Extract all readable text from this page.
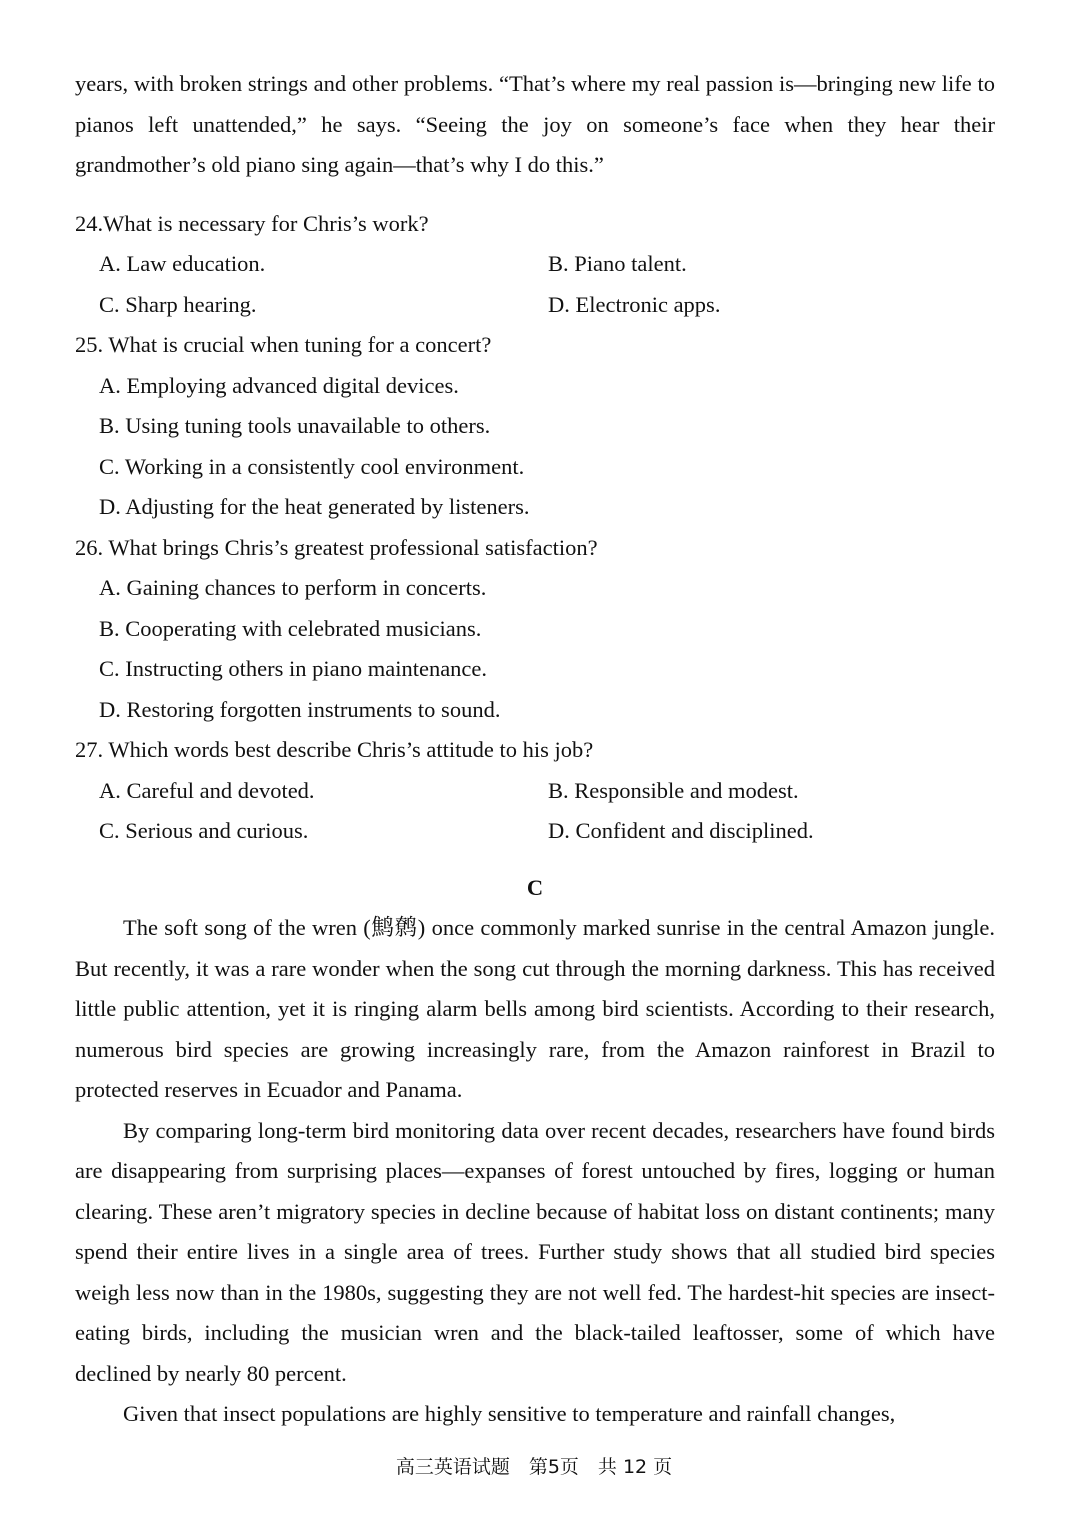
years, with broken strings and other problems. “That’s where my real passion is—bringing new life to pianos left unattended,” he says. “Seeing the joy on someone’s face when they hear their grandmother’s old piano sing again—that’s why I do this.”

24.What is necessary for Chris’s work?
A. Law education.	B. Piano talent.
C. Sharp hearing.	D. Electronic apps.
25. What is crucial when tuning for a concert?
A. Employing advanced digital devices.
B. Using tuning tools unavailable to others.
C. Working in a consistently cool environment.
D. Adjusting for the heat generated by listeners.
26. What brings Chris’s greatest professional satisfaction?
A. Gaining chances to perform in concerts.
B. Cooperating with celebrated musicians.
C. Instructing others in piano maintenance.
D. Restoring forgotten instruments to sound.
27. Which words best describe Chris’s attitude to his job?
A. Careful and devoted.	B. Responsible and modest.
C. Serious and curious.	D. Confident and disciplined.
C

The soft song of the wren (鹪鹩) once commonly marked sunrise in the central Amazon jungle. But recently, it was a rare wonder when the song cut through the morning darkness. This has received little public attention, yet it is ringing alarm bells among bird scientists. According to their research, numerous bird species are growing increasingly rare, from the Amazon rainforest in Brazil to protected reserves in Ecuador and Panama.

By comparing long-term bird monitoring data over recent decades, researchers have found birds are disappearing from surprising places—expanses of forest untouched by fires, logging or human clearing. These aren’t migratory species in decline because of habitat loss on distant continents; many spend their entire lives in a single area of trees. Further study shows that all studied bird species weigh less now than in the 1980s, suggesting they are not well fed. The hardest-hit species are insect-eating birds, including the musician wren and the black-tailed leaftosser, some of which have declined by nearly 80 percent.

Given that insect populations are highly sensitive to temperature and rainfall changes,

高三英语试题　第5页　共 12 页
